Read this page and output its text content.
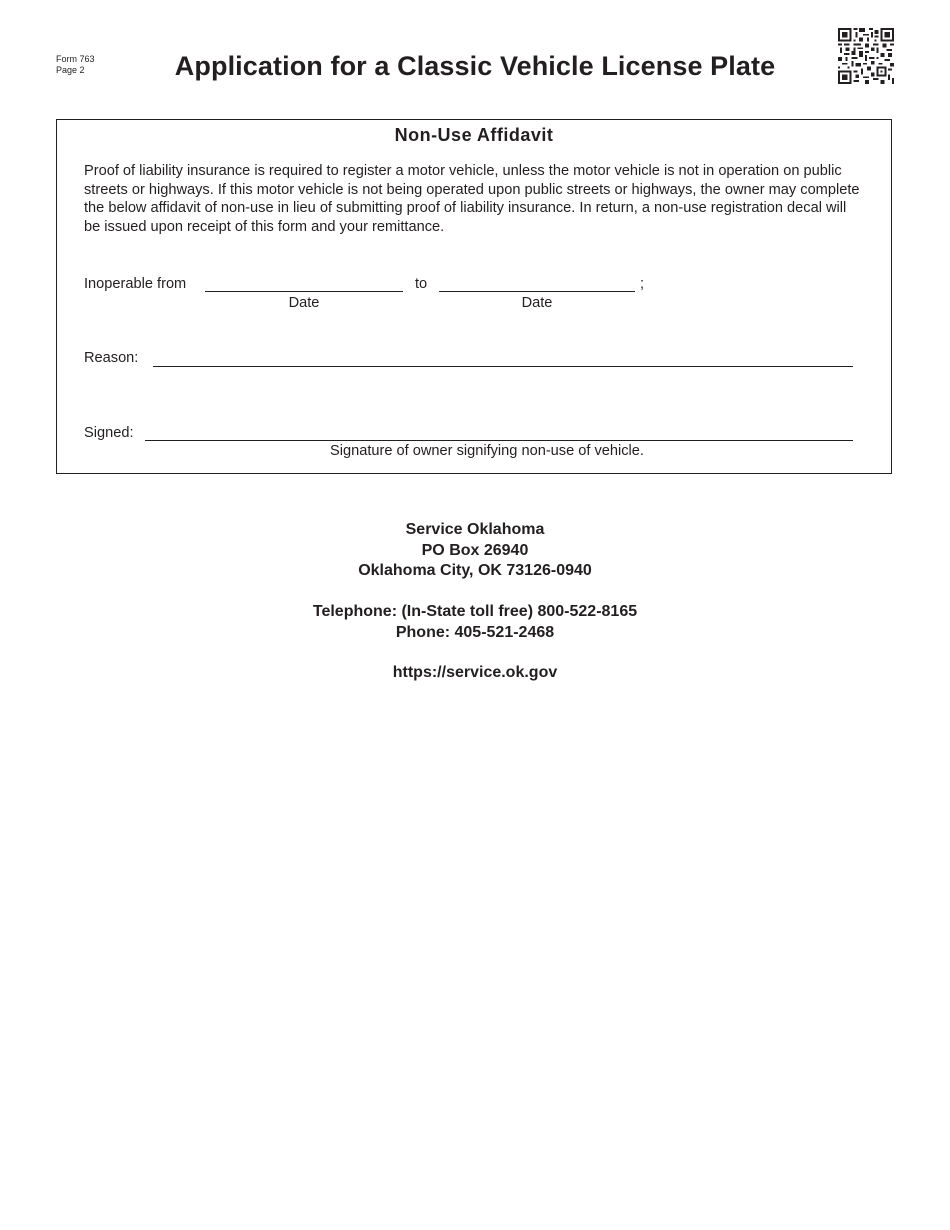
Form 763
Page 2	Application for a Classic Vehicle License Plate
Non-Use Affidavit

Proof of liability insurance is required to register a motor vehicle, unless the motor vehicle is not in operation on public streets or highways. If this motor vehicle is not being operated upon public streets or highways, the owner may complete the below affidavit of non-use in lieu of submitting proof of liability insurance. In return, a non-use registration decal will be issued upon receipt of this form and your remittance.

Inoperable from	to	;
Date	Date
Reason:
Signed:
Signature of owner signifying non-use of vehicle.
Service Oklahoma
PO Box 26940
Oklahoma City, OK 73126-0940
Telephone: (In-State toll free) 800-522-8165
Phone: 405-521-2468
https://service.ok.gov
